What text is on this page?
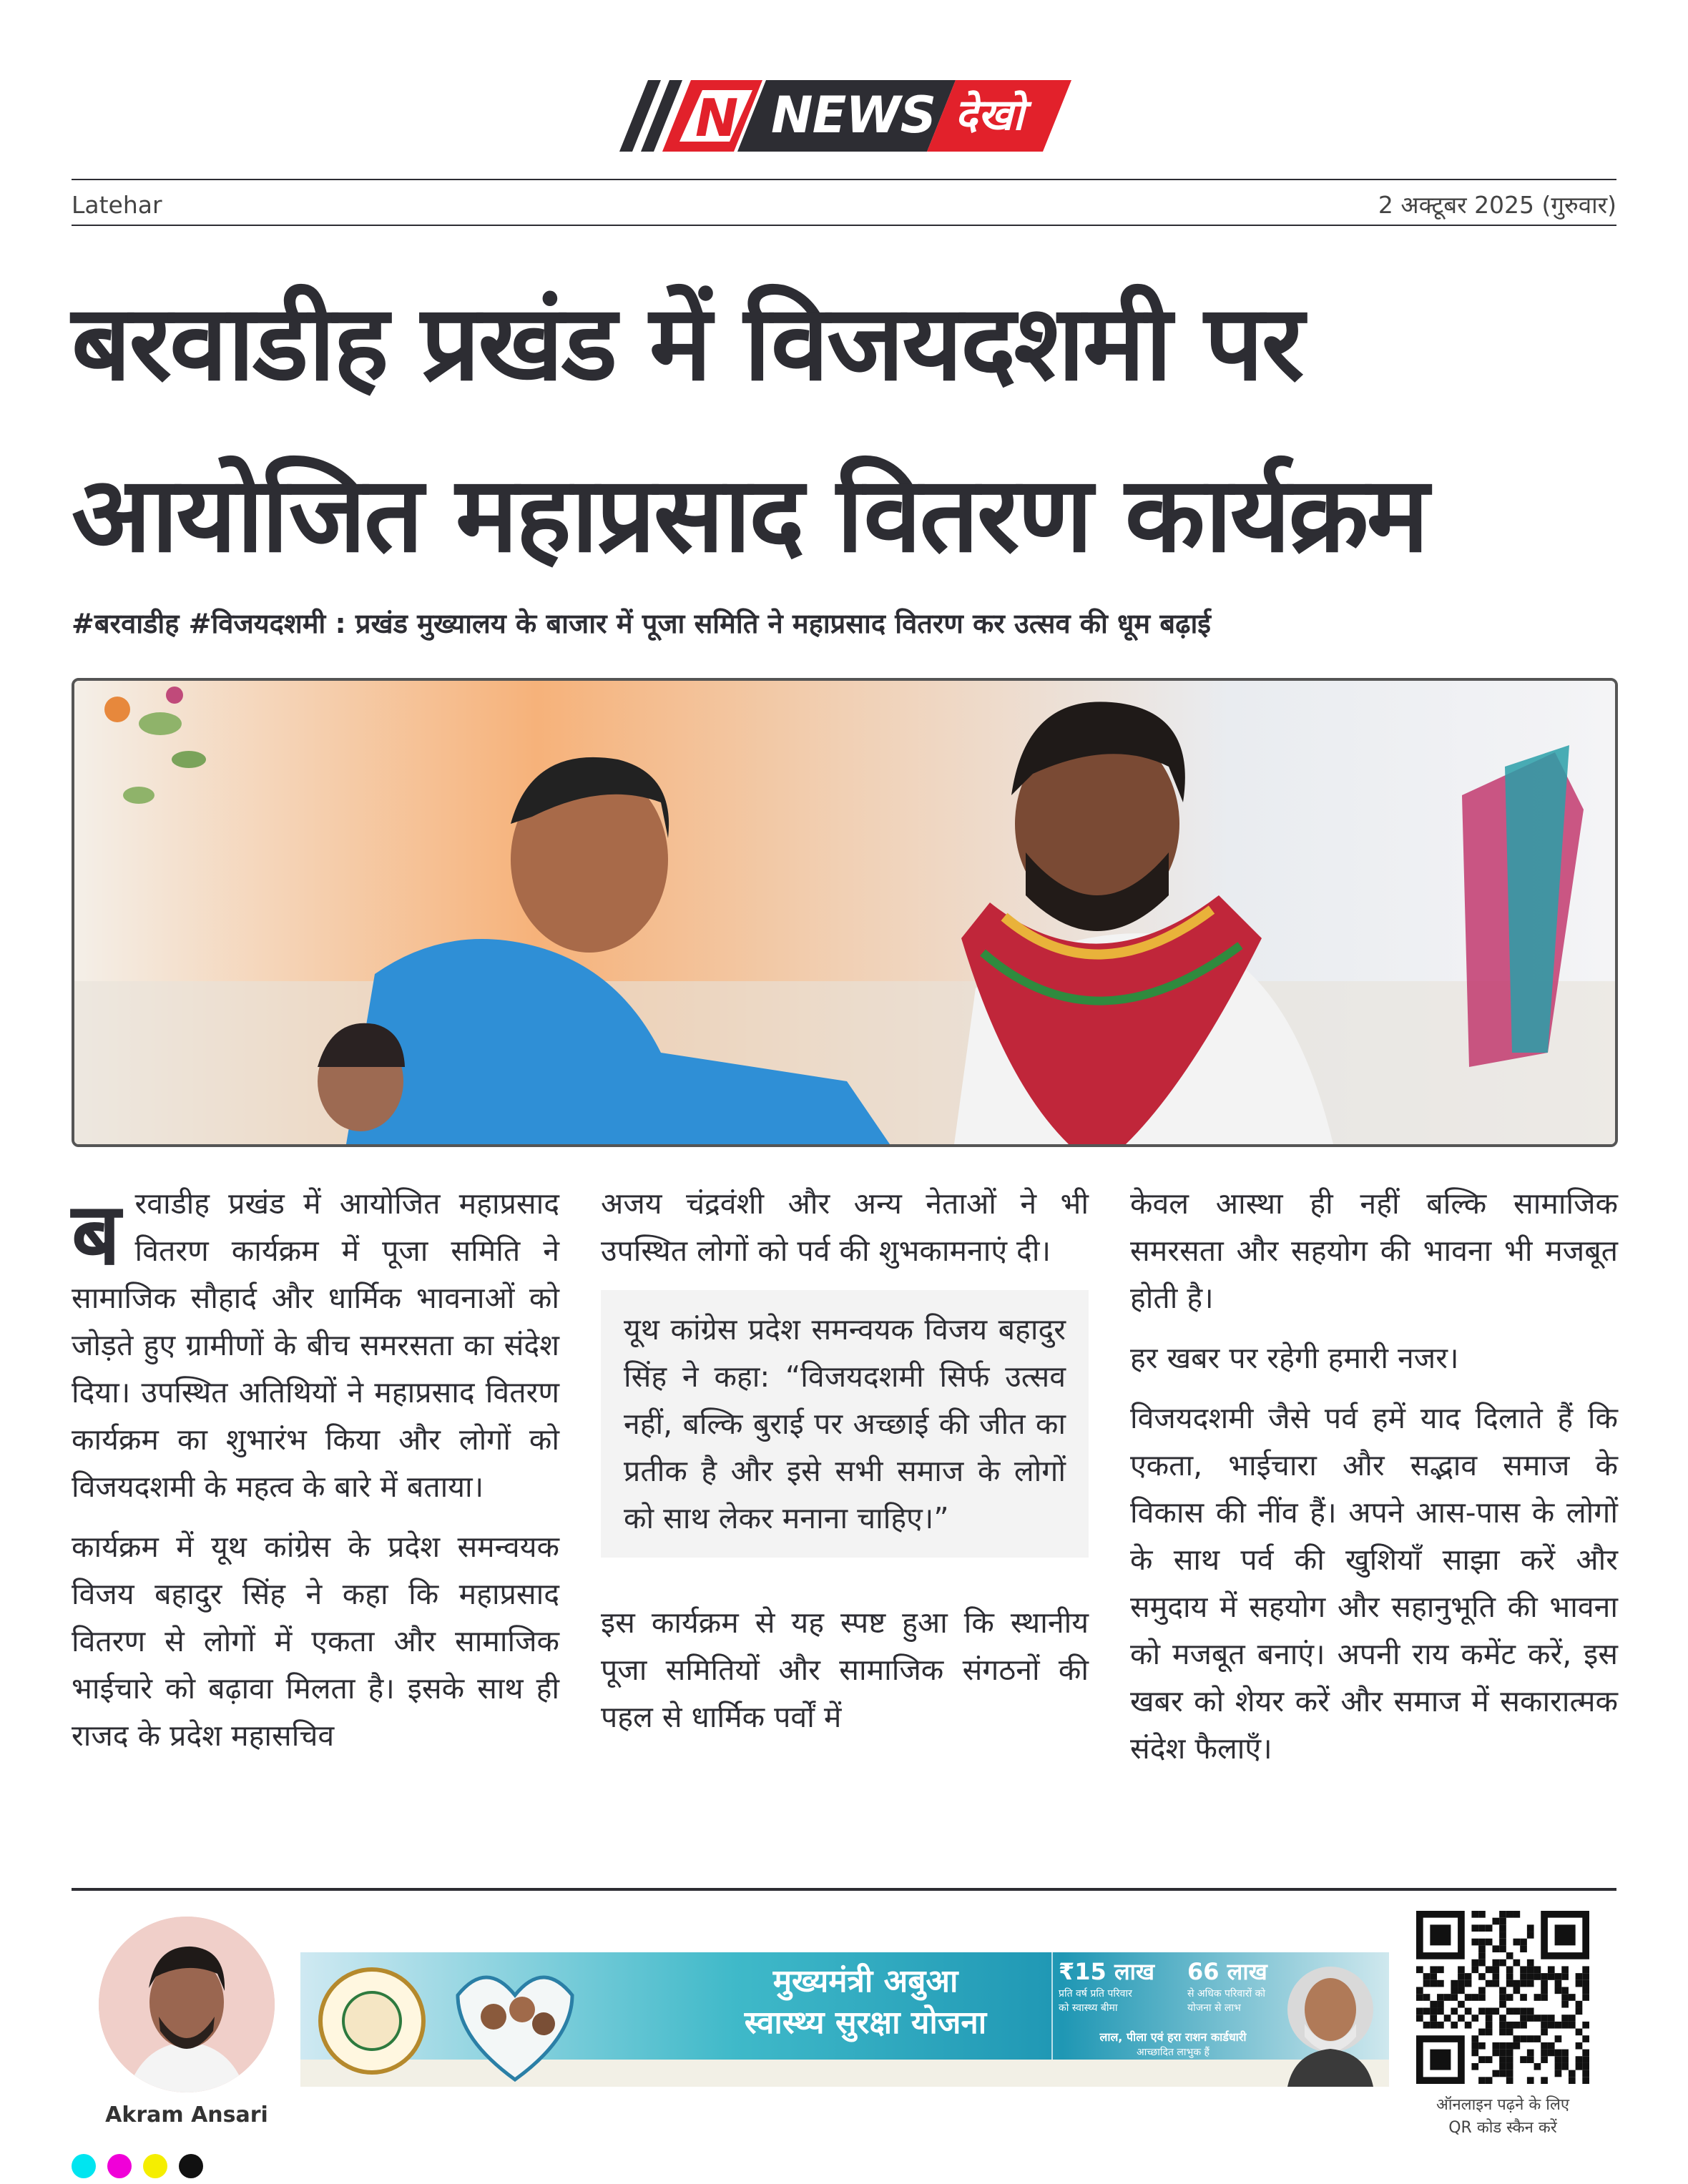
N NEWS देखो
Latehar	2 अक्टूबर 2025 (गुरुवार)
बरवाडीह प्रखंड में विजयदशमी पर
आयोजित महाप्रसाद वितरण कार्यक्रम
#बरवाडीह #विजयदशमी : प्रखंड मुख्यालय के बाजार में पूजा समिति ने महाप्रसाद वितरण कर उत्सव की धूम बढ़ाई

ब रवाडीह प्रखंड में आयोजित महाप्रसाद वितरण कार्यक्रम में पूजा समिति ने सामाजिक सौहार्द और धार्मिक भावनाओं को जोड़ते हुए ग्रामीणों के बीच समरसता का संदेश दिया। उपस्थित अतिथियों ने महाप्रसाद वितरण कार्यक्रम का शुभारंभ किया और लोगों को विजयदशमी के महत्व के बारे में बताया।

कार्यक्रम में यूथ कांग्रेस के प्रदेश समन्वयक विजय बहादुर सिंह ने कहा कि महाप्रसाद वितरण से लोगों में एकता और सामाजिक भाईचारे को बढ़ावा मिलता है। इसके साथ ही राजद के प्रदेश महासचिव

अजय चंद्रवंशी और अन्य नेताओं ने भी उपस्थित लोगों को पर्व की शुभकामनाएं दी।

यूथ कांग्रेस प्रदेश समन्वयक विजय बहादुर सिंह ने कहा: “विजयदशमी सिर्फ उत्सव नहीं, बल्कि बुराई पर अच्छाई की जीत का प्रतीक है और इसे सभी समाज के लोगों को साथ लेकर मनाना चाहिए।”

इस कार्यक्रम से यह स्पष्ट हुआ कि स्थानीय पूजा समितियों और सामाजिक संगठनों की पहल से धार्मिक पर्वों में

केवल आस्था ही नहीं बल्कि सामाजिक समरसता और सहयोग की भावना भी मजबूत होती है।

हर खबर पर रहेगी हमारी नजर।

विजयदशमी जैसे पर्व हमें याद दिलाते हैं कि एकता, भाईचारा और सद्भाव समाज के विकास की नींव हैं। अपने आस-पास के लोगों के साथ पर्व की खुशियाँ साझा करें और समुदाय में सहयोग और सहानुभूति की भावना को मजबूत बनाएं। अपनी राय कमेंट करें, इस खबर को शेयर करें और समाज में सकारात्मक संदेश फैलाएँ।

Akram Ansari
मुख्यमंत्री अबुआ
स्वास्थ्य सुरक्षा योजना
₹15 लाख
प्रति वर्ष प्रति परिवार
को स्वास्थ्य बीमा
66 लाख
से अधिक परिवारों को
योजना से लाभ
लाल, पीला एवं हरा राशन कार्डधारी
आच्छादित लाभुक हैं
ऑनलाइन पढ़ने के लिए
QR कोड स्कैन करें
